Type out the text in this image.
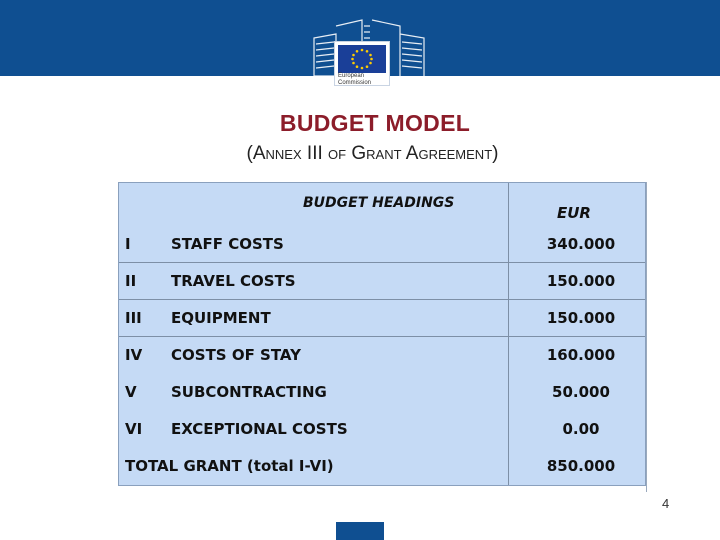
European
Commission
BUDGET MODEL
(ANNEX III OF GRANT AGREEMENT)
BUDGET HEADINGS
EUR
I	STAFF COSTS	340.000
II TRAVEL COSTS	150.000
III EQUIPMENT	150.000
IV COSTS OF STAY	160.000
V SUBCONTRACTING	50.000
VI EXCEPTIONAL COSTS	0.00
TOTAL GRANT (total I-VI)	850.000
4
